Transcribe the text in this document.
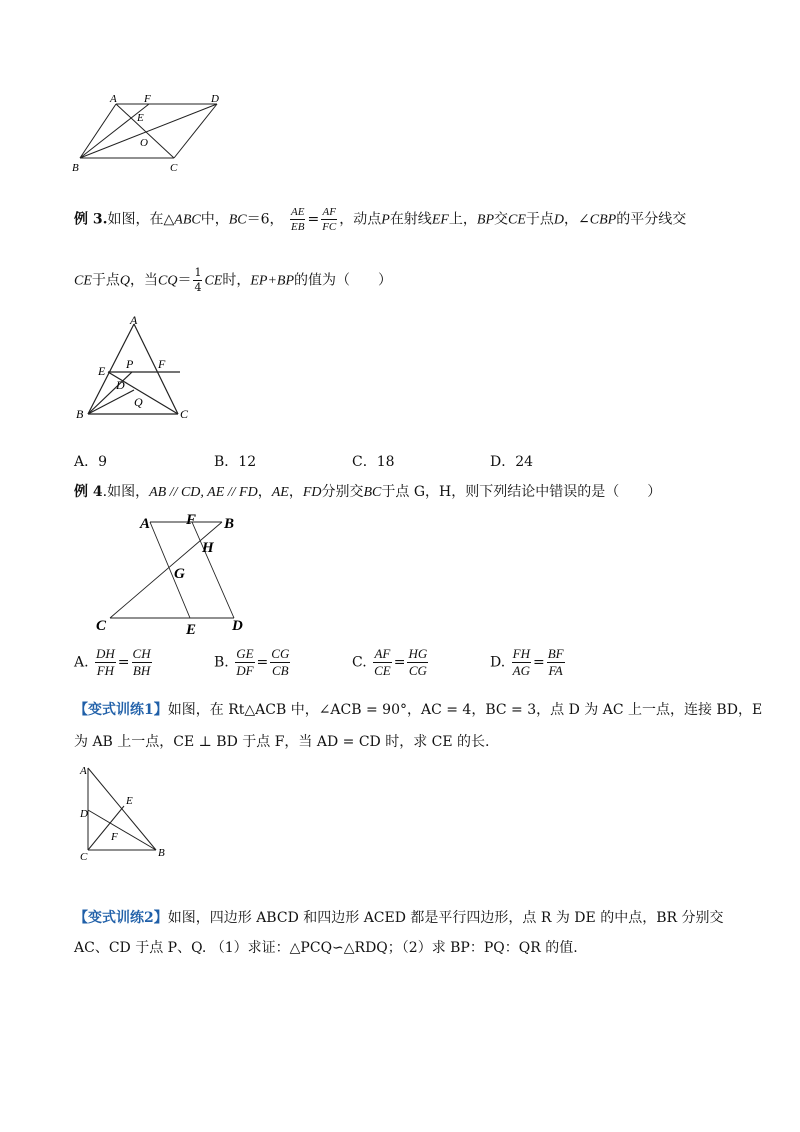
A F	D
E
O
B	C
例 3.如图，在△ABC中，BC＝6， $\frac{AE}{EB} = \frac{AF}{FC}$ ，动点P在射线EF上，BP交CE于点D，∠CBP的平分线交
CE于点Q，当$CQ= \frac{1}{4}$ CE时，EP+BP的值为（　　）
A
E P F
D
Q
B	C
A．9	B．12	C．18	D．24
例 4.如图，AB // CD, AE // FD，AE，FD分别交BC于点 G，H，则下列结论中错误的是（　　）
A F B
H
G
C	E D
A. $\frac{DH}{FH} = \frac{CH}{BH}$	B. $\frac{GE}{DF} = \frac{CG}{CB}$	C. $\frac{AF}{CE} = \frac{HG}{CG}$	D. $\frac{FH}{AG} = \frac{BF}{FA}$
【变式训练1】如图，在 Rt△ACB 中，∠ACB = 90°，AC = 4，BC = 3，点 D 为 AC 上一点，连接 BD，E
为 AB 上一点，CE ⊥ BD 于点 F，当 AD = CD 时，求 CE 的长.
A
E
D
F
C	B
【变式训练2】如图，四边形 ABCD 和四边形 ACED 都是平行四边形，点 R 为 DE 的中点，BR 分别交
AC、CD 于点 P、Q. （1）求证：△PCQ∽△RDQ；（2）求 BP：PQ：QR 的值.
